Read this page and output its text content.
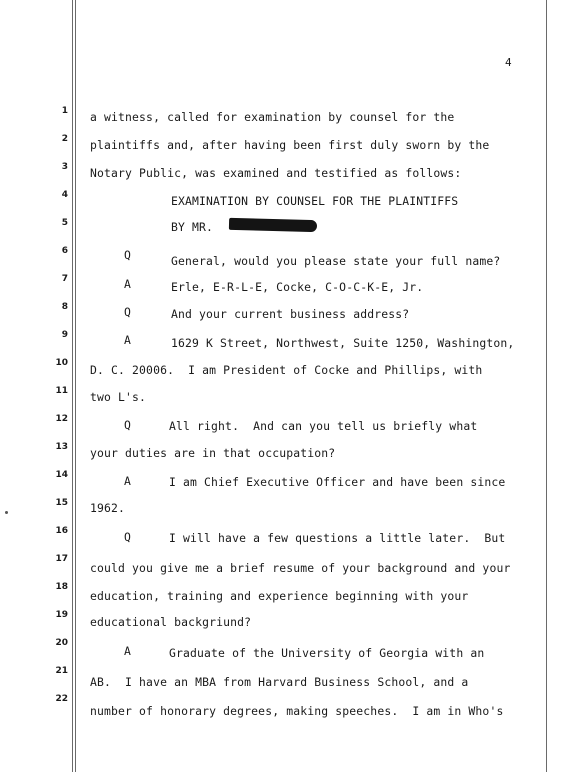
4
1
2
3
4
5
6
7
8
9
10
11
12
13
14
15
16
17
18
19
20
21
22
a witness, called for examination by counsel for the
plaintiffs and, after having been first duly sworn by the
Notary Public, was examined and testified as follows:
EXAMINATION BY COUNSEL FOR THE PLAINTIFFS
BY MR.
Q	General, would you please state your full name?
A	Erle, E-R-L-E, Cocke, C-O-C-K-E, Jr.
Q	And your current business address?
A	1629 K Street, Northwest, Suite 1250, Washington,
D. C. 20006.  I am President of Cocke and Phillips, with
two L's.
Q	All right.  And can you tell us briefly what
your duties are in that occupation?
A	I am Chief Executive Officer and have been since
1962.
Q	I will have a few questions a little later.  But
could you give me a brief resume of your background and your
education, training and experience beginning with your
educational backgriund?
A	Graduate of the University of Georgia with an
AB.  I have an MBA from Harvard Business School, and a
number of honorary degrees, making speeches.  I am in Who's
